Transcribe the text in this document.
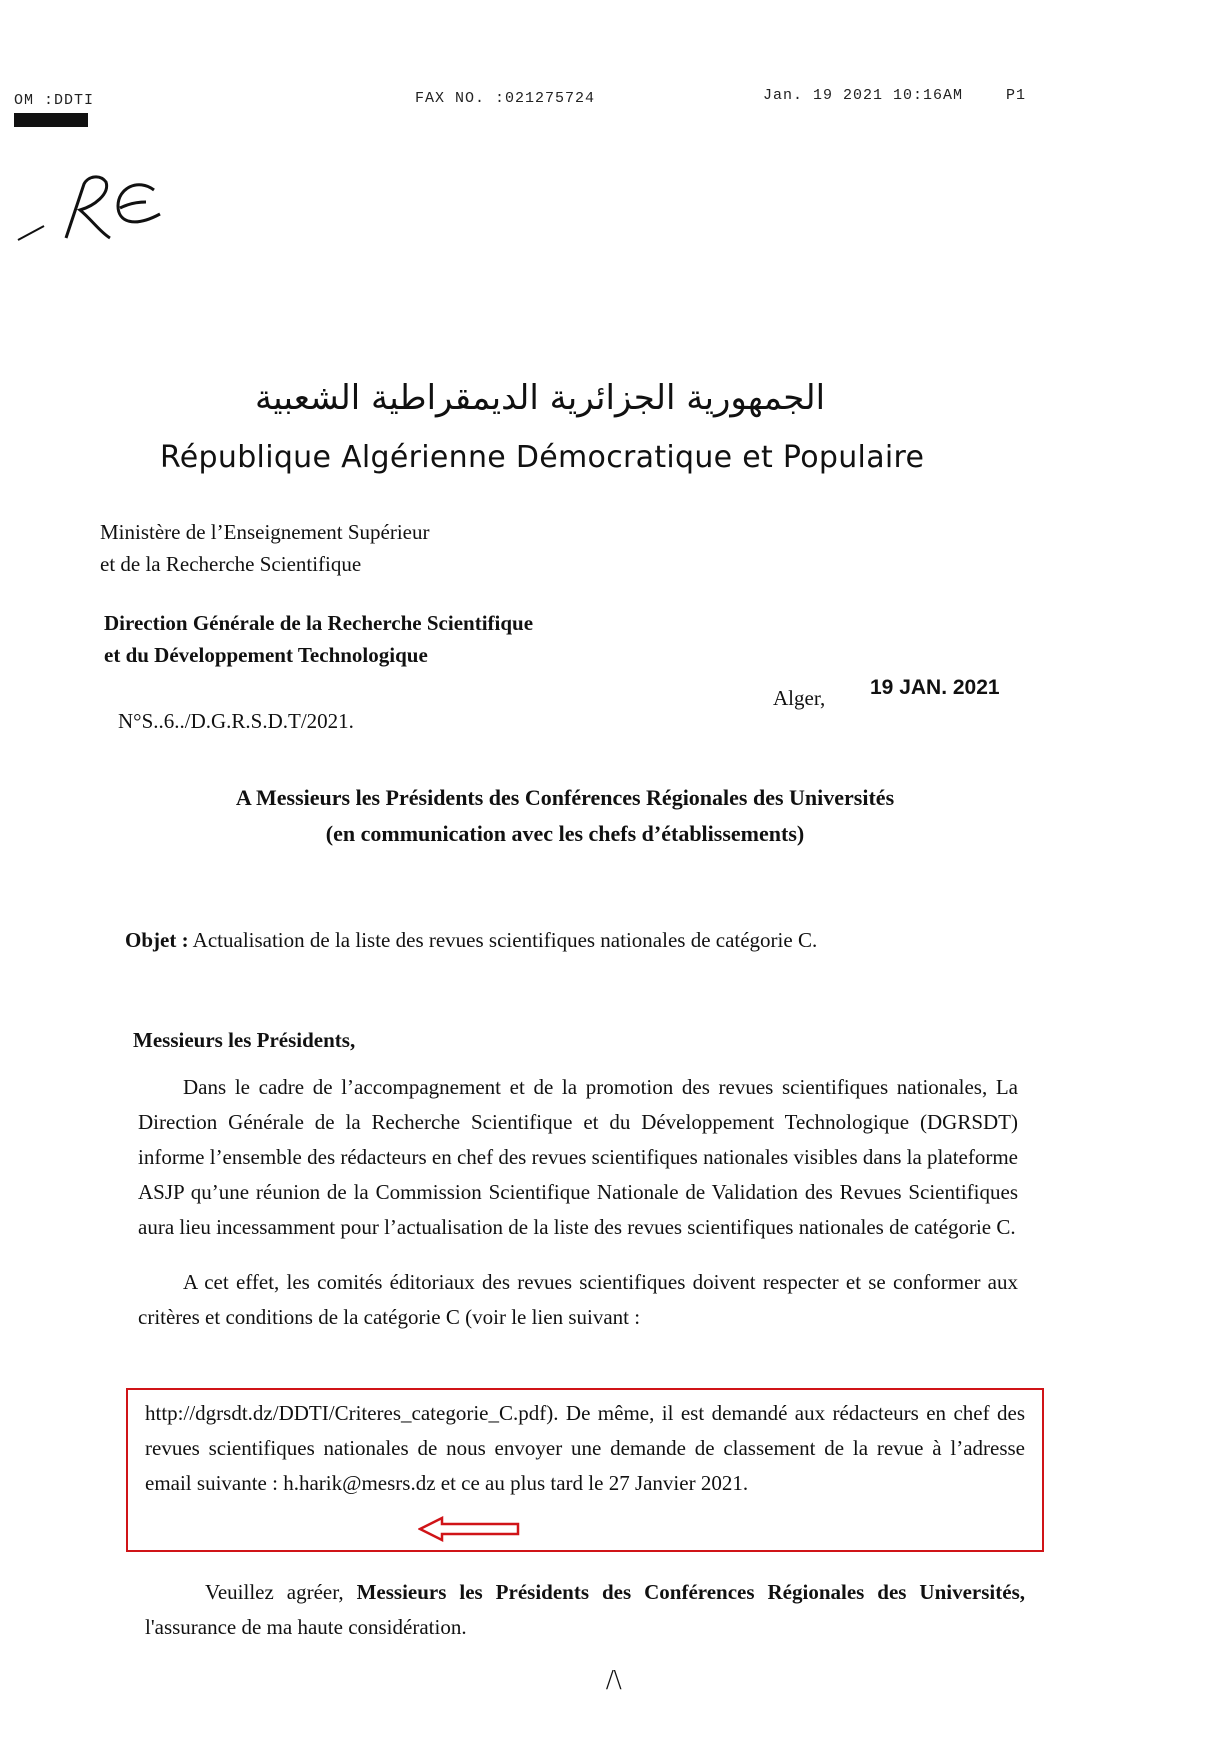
OM :DDTI	FAX NO. :021275724	Jan. 19 2021 10:16AM	P1
الجمهورية الجزائرية الديمقراطية الشعبية
République Algérienne Démocratique et Populaire
Ministère de l’Enseignement Supérieur
et de la Recherche Scientifique
Direction Générale de la Recherche Scientifique
et du Développement Technologique
N°S..6../D.G.R.S.D.T/2021.
Alger, 19 JAN. 2021
A Messieurs les Présidents des Conférences Régionales des Universités
(en communication avec les chefs d’établissements)
Objet : Actualisation de la liste des revues scientifiques nationales de catégorie C.
Messieurs les Présidents,

Dans le cadre de l’accompagnement et de la promotion des revues scientifiques nationales, La Direction Générale de la Recherche Scientifique et du Développement Technologique (DGRSDT) informe l’ensemble des rédacteurs en chef des revues scientifiques nationales visibles dans la plateforme ASJP qu’une réunion de la Commission Scientifique Nationale de Validation des Revues Scientifiques aura lieu incessamment pour l’actualisation de la liste des revues scientifiques nationales de catégorie C.

A cet effet, les comités éditoriaux des revues scientifiques doivent respecter et se conformer aux critères et conditions de la catégorie C (voir le lien suivant :

http://dgrsdt.dz/DDTI/Criteres_categorie_C.pdf). De même, il est demandé aux rédacteurs en chef des revues scientifiques nationales de nous envoyer une demande de classement de la revue à l’adresse email suivante : h.harik@mesrs.dz et ce au plus tard le 27 Janvier 2021.
Veuillez agréer, Messieurs les Présidents des Conférences Régionales des Universités, l'assurance de ma haute considération.
/\
